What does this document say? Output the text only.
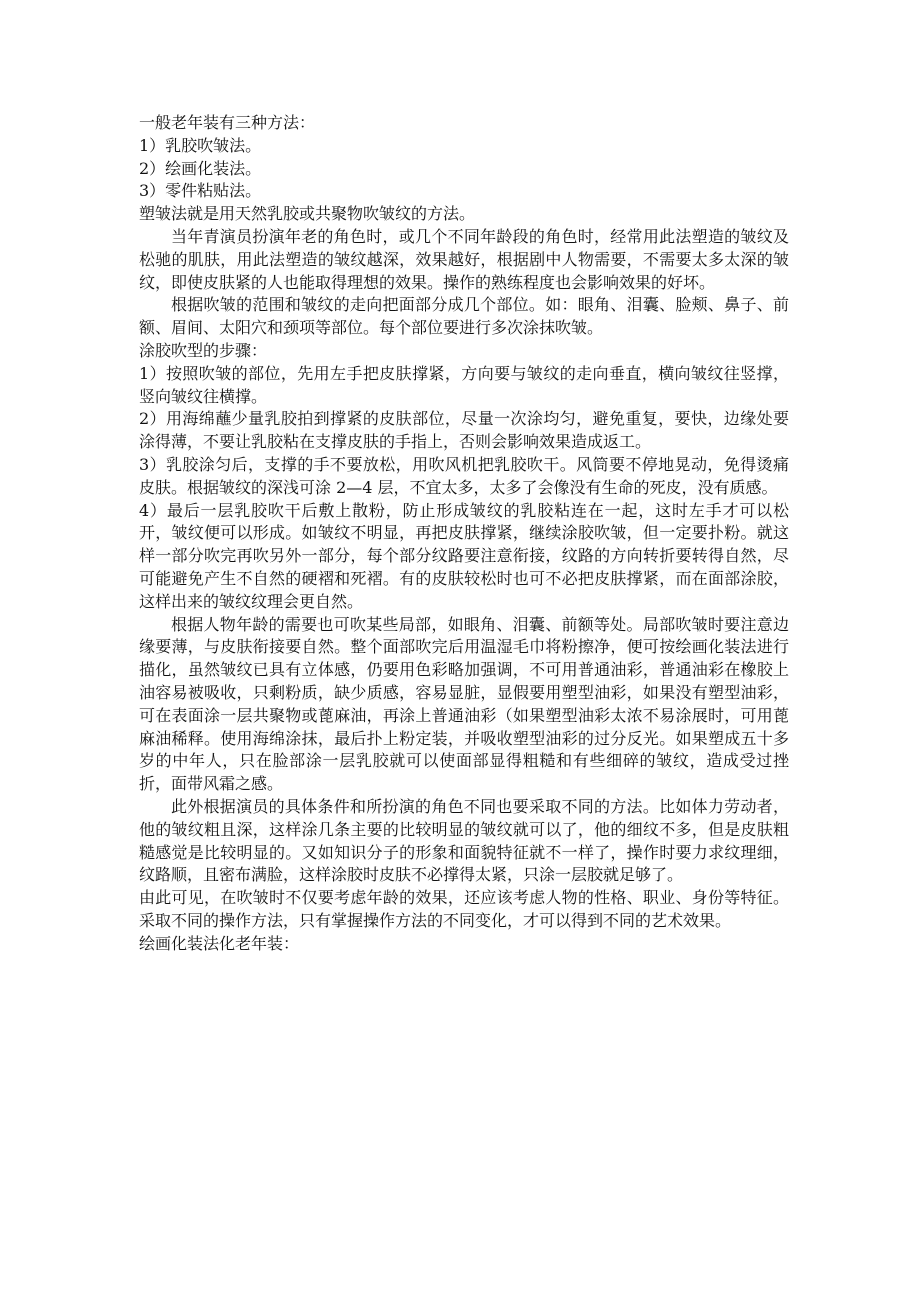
一般老年装有三种方法：

1）乳胶吹皱法。

2）绘画化装法。

3）零件粘贴法。

塑皱法就是用天然乳胶或共聚物吹皱纹的方法。

当年青演员扮演年老的角色时，或几个不同年龄段的角色时，经常用此法塑造的皱纹及松驰的肌肤，用此法塑造的皱纹越深，效果越好，根据剧中人物需要，不需要太多太深的皱纹，即使皮肤紧的人也能取得理想的效果。操作的熟练程度也会影响效果的好坏。

根据吹皱的范围和皱纹的走向把面部分成几个部位。如：眼角、泪囊、脸颊、鼻子、前额、眉间、太阳穴和颈项等部位。每个部位要进行多次涂抹吹皱。

涂胶吹型的步骤：

1）按照吹皱的部位，先用左手把皮肤撑紧，方向要与皱纹的走向垂直，横向皱纹往竖撑，竖向皱纹往横撑。

2）用海绵蘸少量乳胶拍到撑紧的皮肤部位，尽量一次涂均匀，避免重复，要快，边缘处要涂得薄，不要让乳胶粘在支撑皮肤的手指上，否则会影响效果造成返工。

3）乳胶涂匀后，支撑的手不要放松，用吹风机把乳胶吹干。风筒要不停地晃动，免得烫痛皮肤。根据皱纹的深浅可涂 2—4 层，不宜太多，太多了会像没有生命的死皮，没有质感。

4）最后一层乳胶吹干后敷上散粉，防止形成皱纹的乳胶粘连在一起，这时左手才可以松开，皱纹便可以形成。如皱纹不明显，再把皮肤撑紧，继续涂胶吹皱，但一定要扑粉。就这样一部分吹完再吹另外一部分，每个部分纹路要注意衔接，纹路的方向转折要转得自然，尽可能避免产生不自然的硬褶和死褶。有的皮肤较松时也可不必把皮肤撑紧，而在面部涂胶，这样出来的皱纹纹理会更自然。

根据人物年龄的需要也可吹某些局部，如眼角、泪囊、前额等处。局部吹皱时要注意边缘要薄，与皮肤衔接要自然。整个面部吹完后用温湿毛巾将粉擦净，便可按绘画化装法进行描化，虽然皱纹已具有立体感，仍要用色彩略加强调，不可用普通油彩，普通油彩在橡胶上油容易被吸收，只剩粉质，缺少质感，容易显脏，显假要用塑型油彩，如果没有塑型油彩，可在表面涂一层共聚物或蓖麻油，再涂上普通油彩（如果塑型油彩太浓不易涂展时，可用蓖麻油稀释。使用海绵涂抹，最后扑上粉定装，并吸收塑型油彩的过分反光。如果塑成五十多岁的中年人，只在脸部涂一层乳胶就可以使面部显得粗糙和有些细碎的皱纹，造成受过挫折，面带风霜之感。

此外根据演员的具体条件和所扮演的角色不同也要采取不同的方法。比如体力劳动者，他的皱纹粗且深，这样涂几条主要的比较明显的皱纹就可以了，他的细纹不多，但是皮肤粗糙感觉是比较明显的。又如知识分子的形象和面貌特征就不一样了，操作时要力求纹理细，纹路顺，且密布满脸，这样涂胶时皮肤不必撑得太紧，只涂一层胶就足够了。

由此可见，在吹皱时不仅要考虑年龄的效果，还应该考虑人物的性格、职业、身份等特征。采取不同的操作方法，只有掌握操作方法的不同变化，才可以得到不同的艺术效果。

绘画化装法化老年装：
